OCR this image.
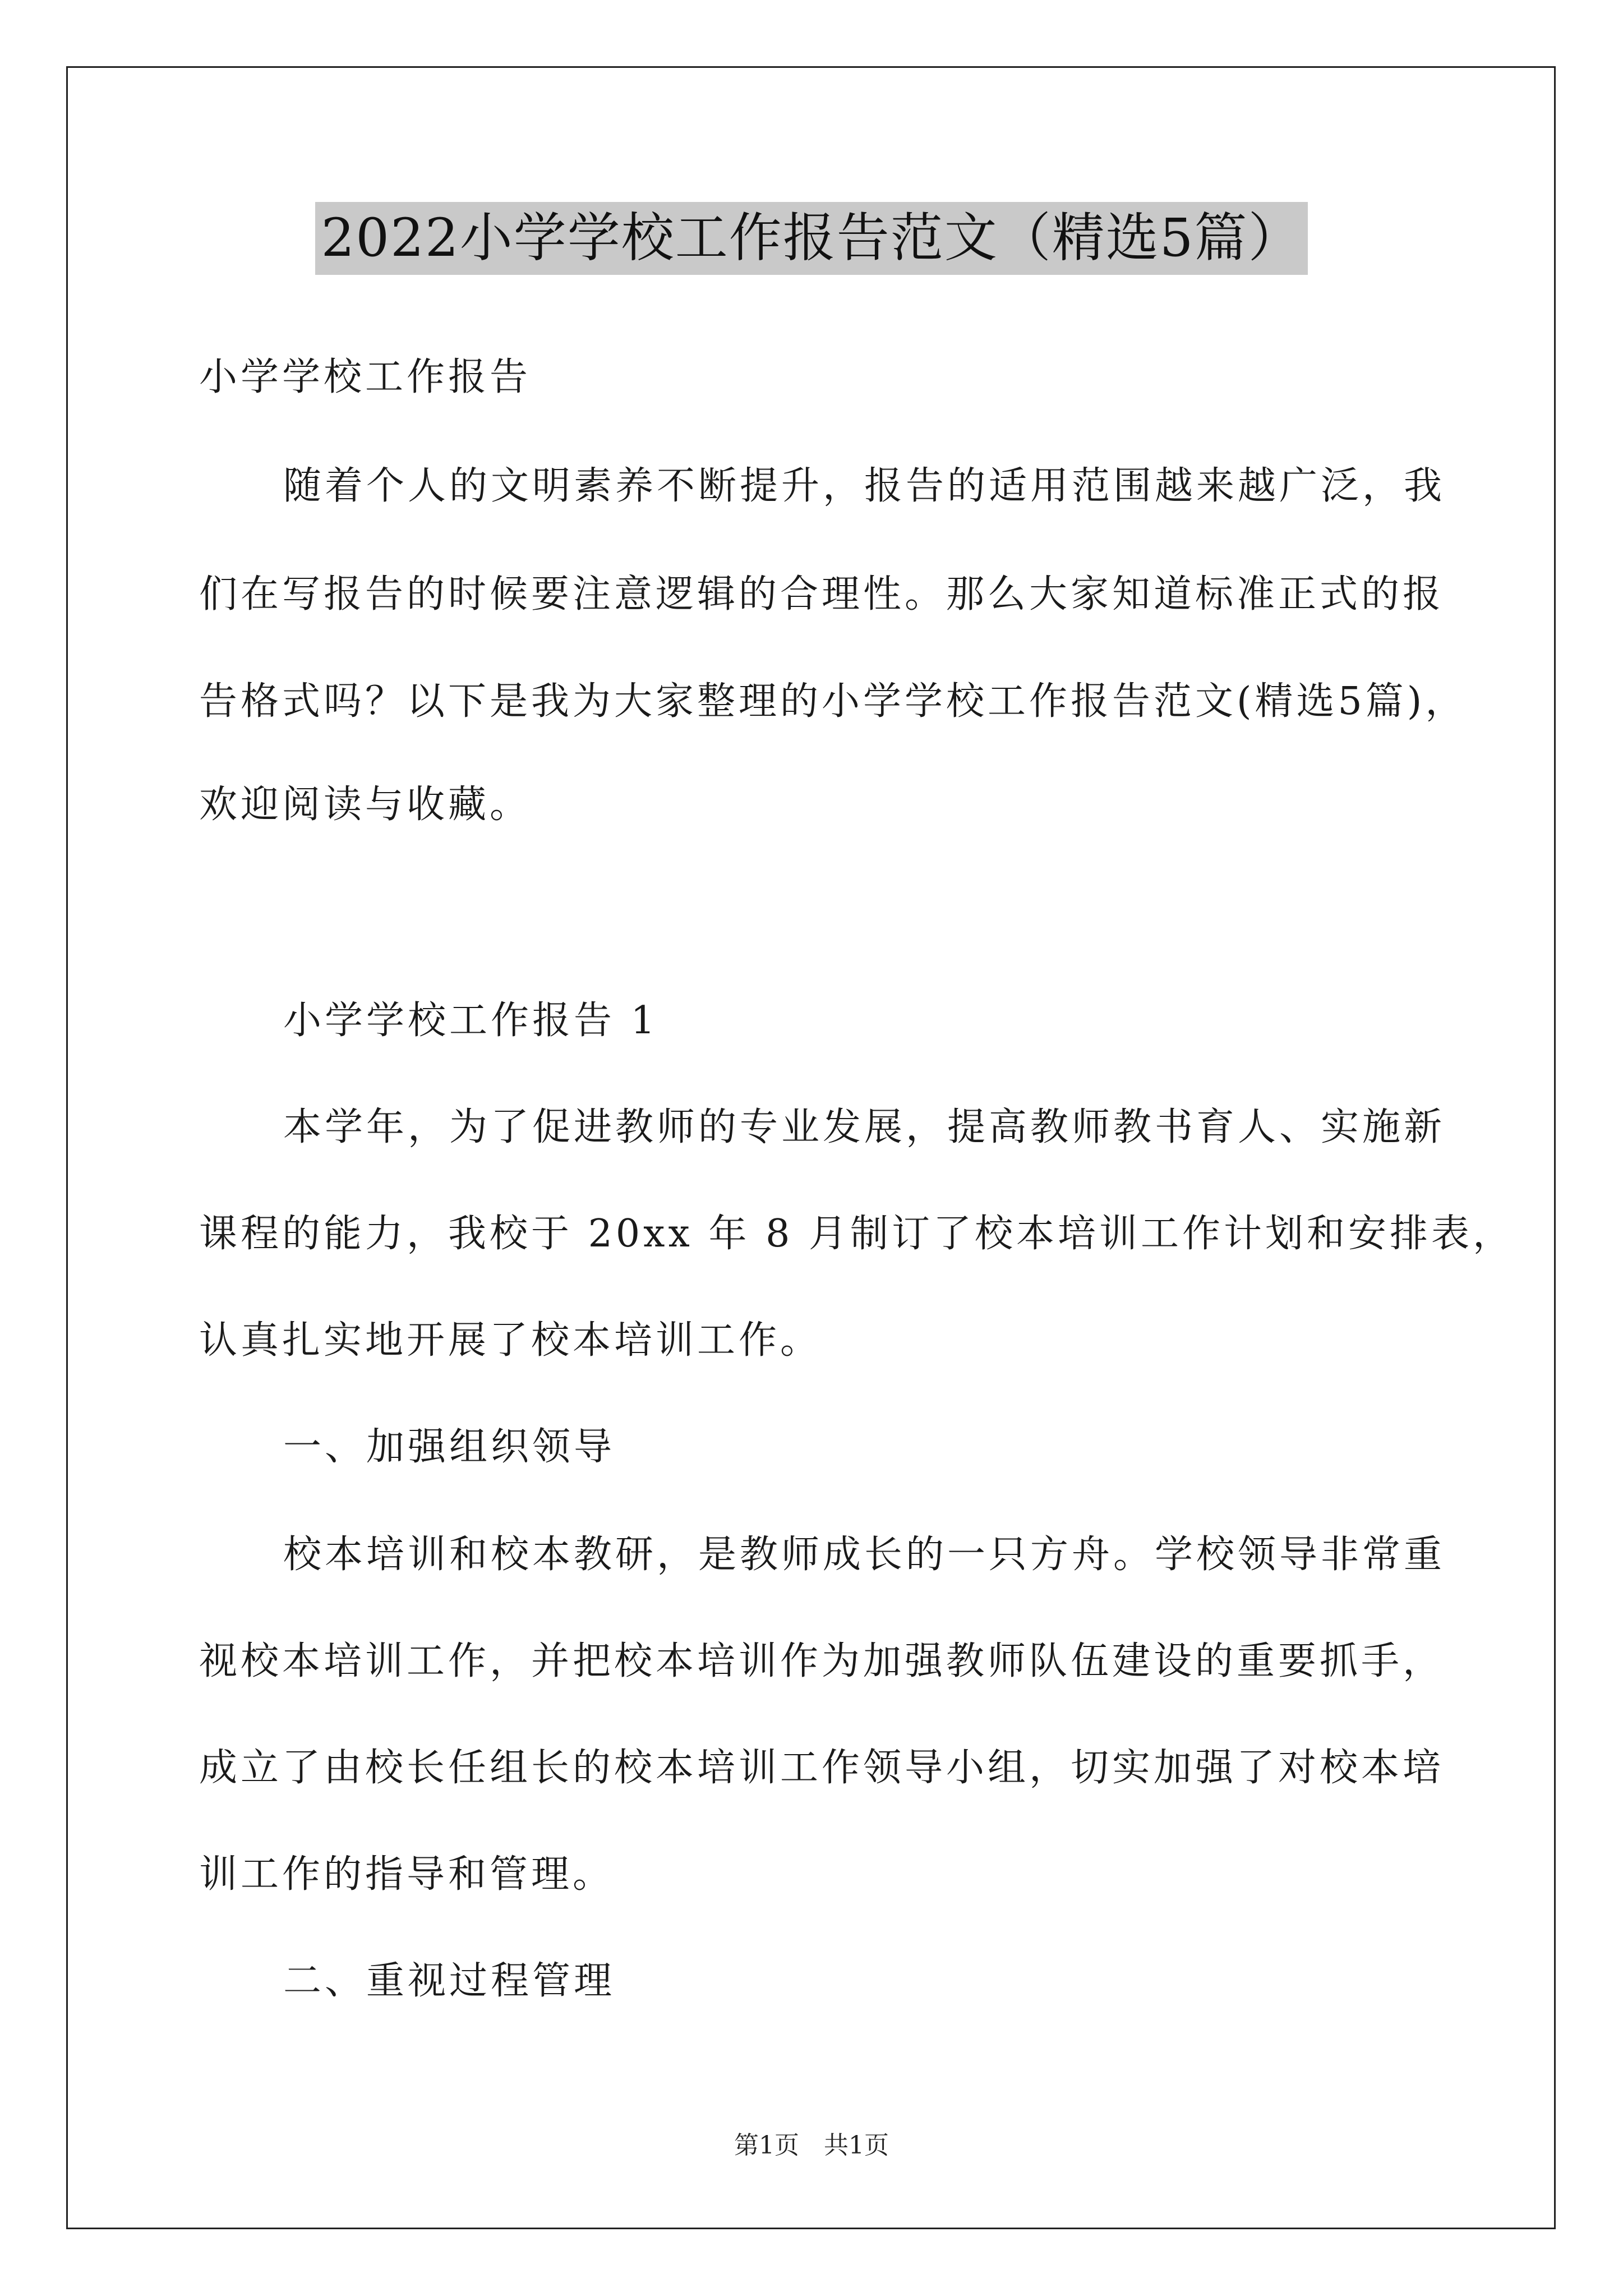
2022小学学校工作报告范文（精选5篇）
小学学校工作报告
随着个人的文明素养不断提升，报告的适用范围越来越广泛，我
们在写报告的时候要注意逻辑的合理性。那么大家知道标准正式的报
告格式吗？以下是我为大家整理的小学学校工作报告范文(精选5篇)，
欢迎阅读与收藏。
小学学校工作报告 1
本学年，为了促进教师的专业发展，提高教师教书育人、实施新
课程的能力，我校于 20xx 年 8 月制订了校本培训工作计划和安排表，
认真扎实地开展了校本培训工作。
一、加强组织领导
校本培训和校本教研，是教师成长的一只方舟。学校领导非常重
视校本培训工作，并把校本培训作为加强教师队伍建设的重要抓手，
成立了由校长任组长的校本培训工作领导小组，切实加强了对校本培
训工作的指导和管理。
二、重视过程管理
第1页　共1页
